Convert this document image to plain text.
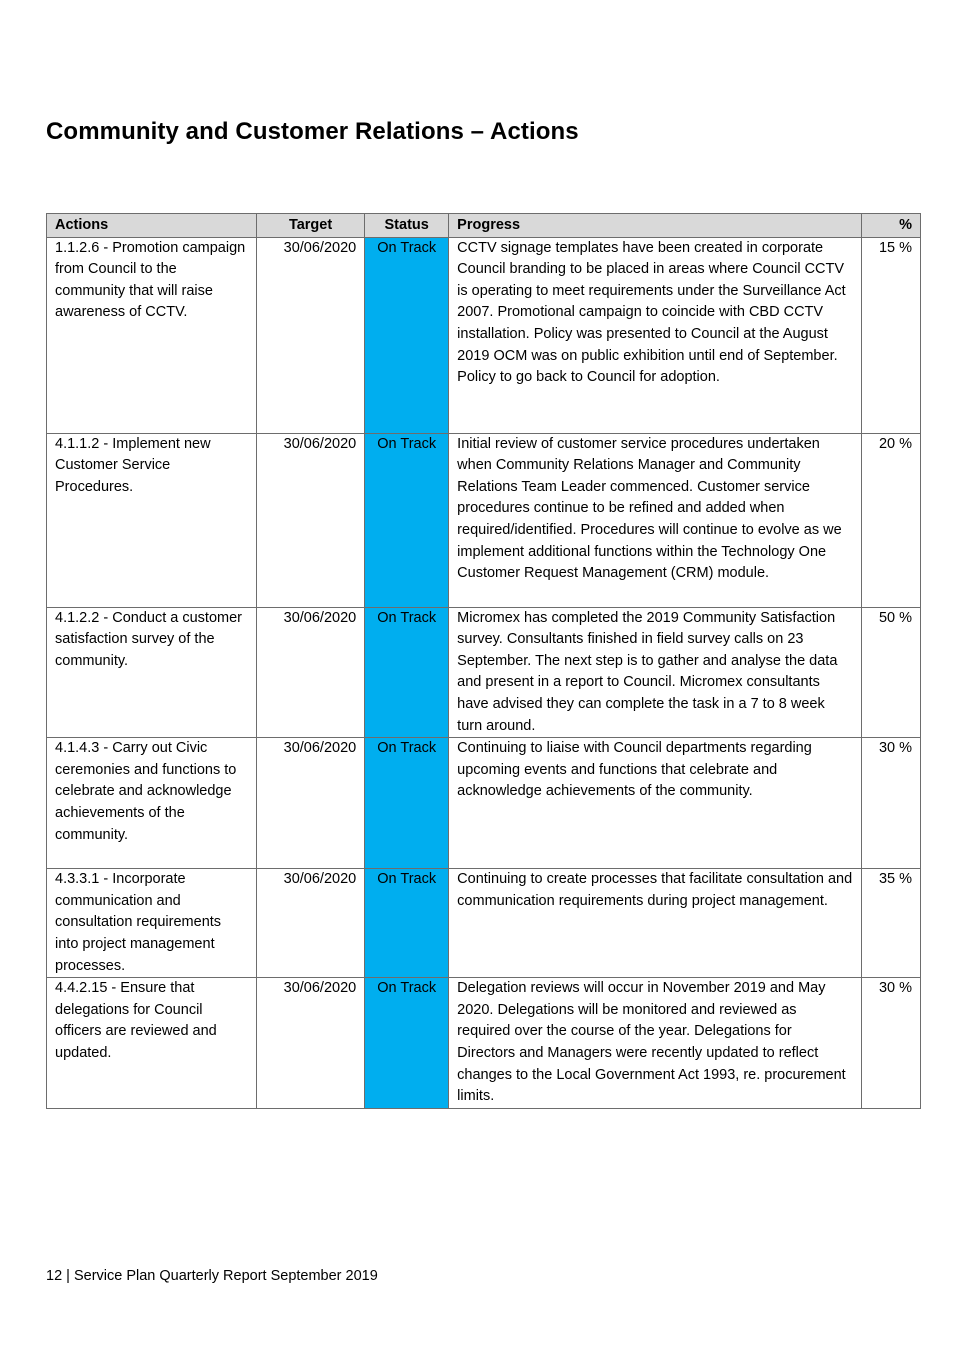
Community and Customer Relations – Actions
Actions	Target	Status	Progress	%
1.1.2.6 - Promotion campaign from Council to the community that will raise awareness of CCTV.	30/06/2020	On Track	CCTV signage templates have been created in corporate Council branding to be placed in areas where Council CCTV is operating to meet requirements under the Surveillance Act 2007. Promotional campaign to coincide with CBD CCTV installation. Policy was presented to Council at the August 2019 OCM was on public exhibition until end of September. Policy to go back to Council for adoption.	15 %
4.1.1.2 - Implement new Customer Service Procedures.	30/06/2020	On Track	Initial review of customer service procedures undertaken when Community Relations Manager and Community Relations Team Leader commenced. Customer service procedures continue to be refined and added when required/identified. Procedures will continue to evolve as we implement additional functions within the Technology One Customer Request Management (CRM) module.	20 %
4.1.2.2 - Conduct a customer satisfaction survey of the community.	30/06/2020	On Track	Micromex has completed the 2019 Community Satisfaction survey. Consultants finished in field survey calls on 23 September. The next step is to gather and analyse the data and present in a report to Council. Micromex consultants have advised they can complete the task in a 7 to 8 week turn around.	50 %
4.1.4.3 - Carry out Civic ceremonies and functions to celebrate and acknowledge achievements of the community.	30/06/2020	On Track	Continuing to liaise with Council departments regarding upcoming events and functions that celebrate and acknowledge achievements of the community.	30 %
4.3.3.1 - Incorporate communication and consultation requirements into project management processes.	30/06/2020	On Track	Continuing to create processes that facilitate consultation and communication requirements during project management.	35 %
4.4.2.15 - Ensure that delegations for Council officers are reviewed and updated.	30/06/2020	On Track	Delegation reviews will occur in November 2019 and May 2020. Delegations will be monitored and reviewed as required over the course of the year. Delegations for Directors and Managers were recently updated to reflect changes to the Local Government Act 1993, re. procurement limits.	30 %
12 | Service Plan Quarterly Report September 2019
